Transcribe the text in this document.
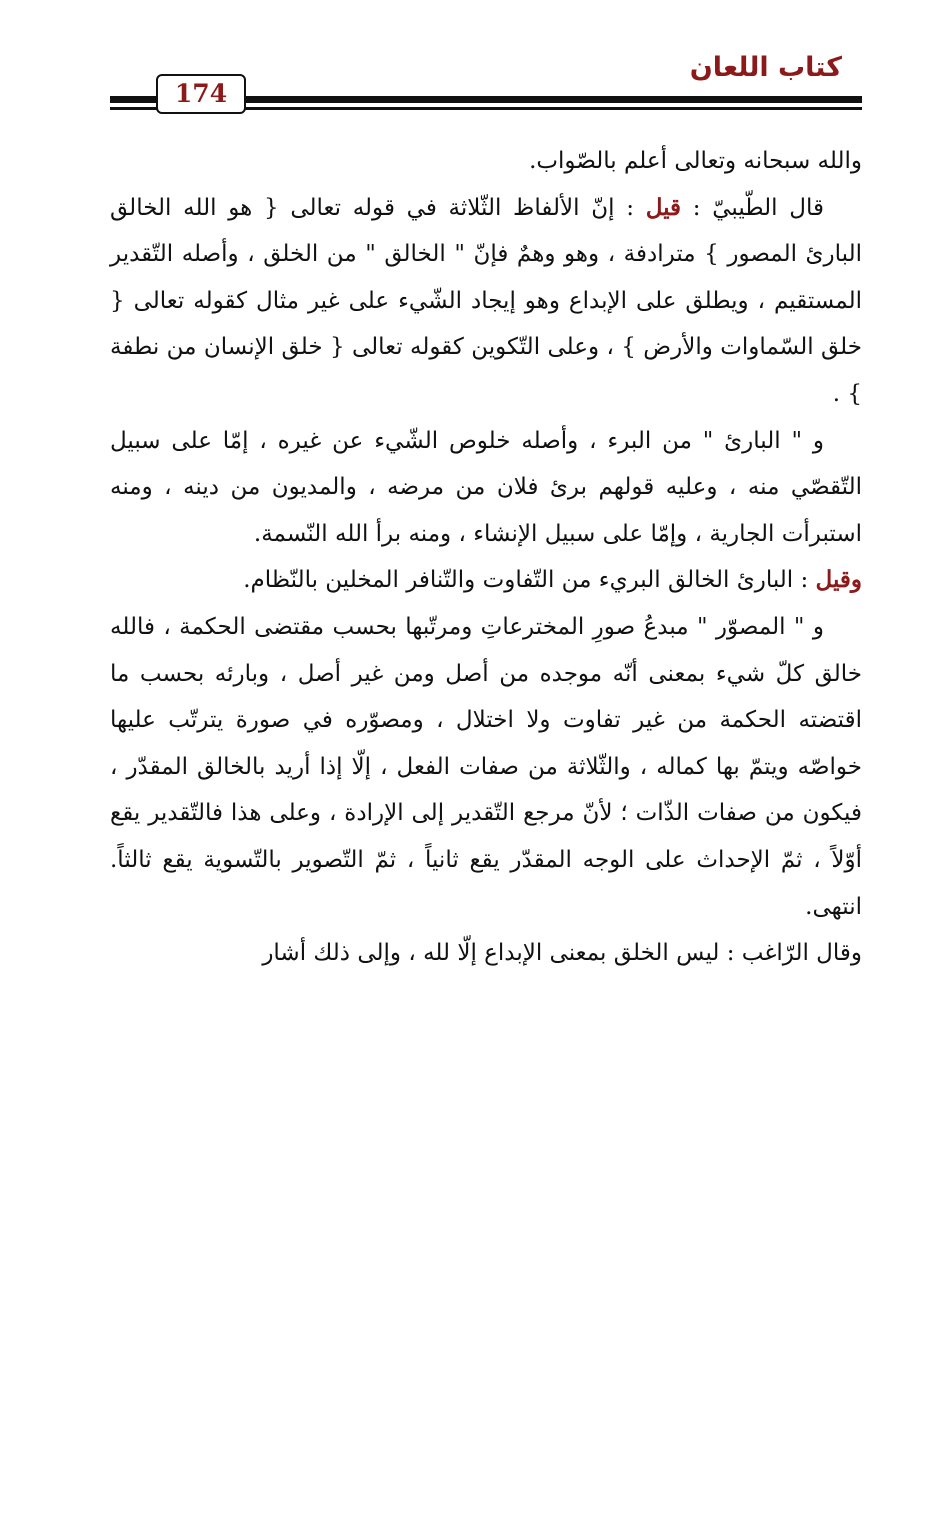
كتاب اللعان
174

والله سبحانه وتعالى أعلم بالصّواب.

قال الطّيبيّ : قيل : إنّ الألفاظ الثّلاثة في قوله تعالى { هو الله الخالق البارئ المصور } مترادفة ، وهو وهمٌ فإنّ " الخالق " من الخلق ، وأصله التّقدير المستقيم ، ويطلق على الإبداع وهو إيجاد الشّيء على غير مثال كقوله تعالى { خلق السّماوات والأرض } ، وعلى التّكوين كقوله تعالى { خلق الإنسان من نطفة } .

و " البارئ " من البرء ، وأصله خلوص الشّيء عن غيره ، إمّا على سبيل التّقصّي منه ، وعليه قولهم برئ فلان من مرضه ، والمديون من دينه ، ومنه استبرأت الجارية ، وإمّا على سبيل الإنشاء ، ومنه برأ الله النّسمة.

وقيل : البارئ الخالق البريء من التّفاوت والتّنافر المخلين بالنّظام.

و " المصوّر " مبدعُ صورِ المخترعاتِ ومرتّبها بحسب مقتضى الحكمة ، فالله خالق كلّ شيء بمعنى أنّه موجده من أصل ومن غير أصل ، وبارئه بحسب ما اقتضته الحكمة من غير تفاوت ولا اختلال ، ومصوّره في صورة يترتّب عليها خواصّه ويتمّ بها كماله ، والثّلاثة من صفات الفعل ، إلّا إذا أريد بالخالق المقدّر ، فيكون من صفات الذّات ؛ لأنّ مرجع التّقدير إلى الإرادة ، وعلى هذا فالتّقدير يقع أوّلاً ، ثمّ الإحداث على الوجه المقدّر يقع ثانياً ، ثمّ التّصوير بالتّسوية يقع ثالثاً. انتهى.

وقال الرّاغب : ليس الخلق بمعنى الإبداع إلّا لله ، وإلى ذلك أشار
